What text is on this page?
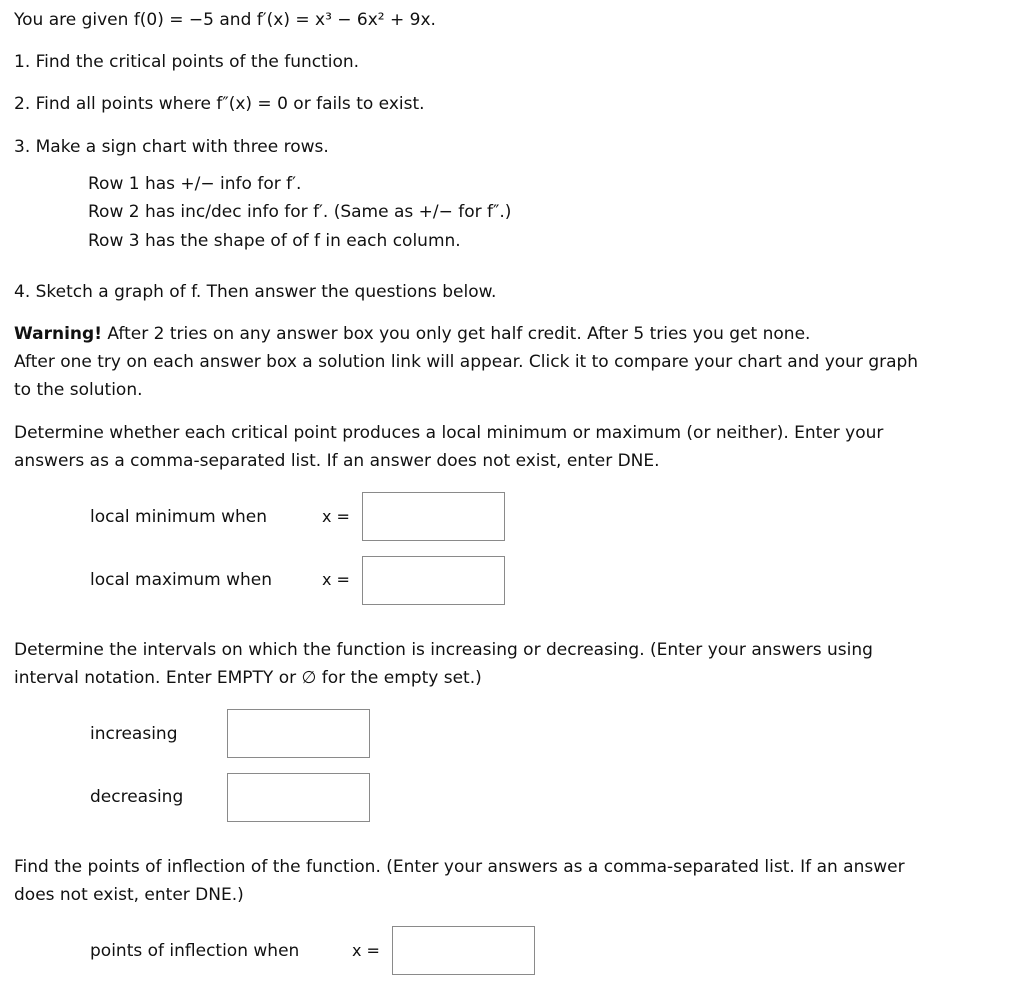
You are given f(0) = −5 and f′(x) = x³ − 6x² + 9x.
1. Find the critical points of the function.
2. Find all points where f″(x) = 0 or fails to exist.
3. Make a sign chart with three rows.
Row 1 has +/− info for f′.
Row 2 has inc/dec info for f′. (Same as +/− for f″.)
Row 3 has the shape of of f in each column.
4. Sketch a graph of f. Then answer the questions below.
Warning! After 2 tries on any answer box you only get half credit. After 5 tries you get none.
After one try on each answer box a solution link will appear. Click it to compare your chart and your graph
to the solution.
Determine whether each critical point produces a local minimum or maximum (or neither). Enter your
answers as a comma-separated list. If an answer does not exist, enter DNE.
local minimum when	x =
local maximum when	x =
Determine the intervals on which the function is increasing or decreasing. (Enter your answers using
interval notation. Enter EMPTY or ∅ for the empty set.)
increasing
decreasing
Find the points of inflection of the function. (Enter your answers as a comma-separated list. If an answer
does not exist, enter DNE.)
points of inflection when	x =
